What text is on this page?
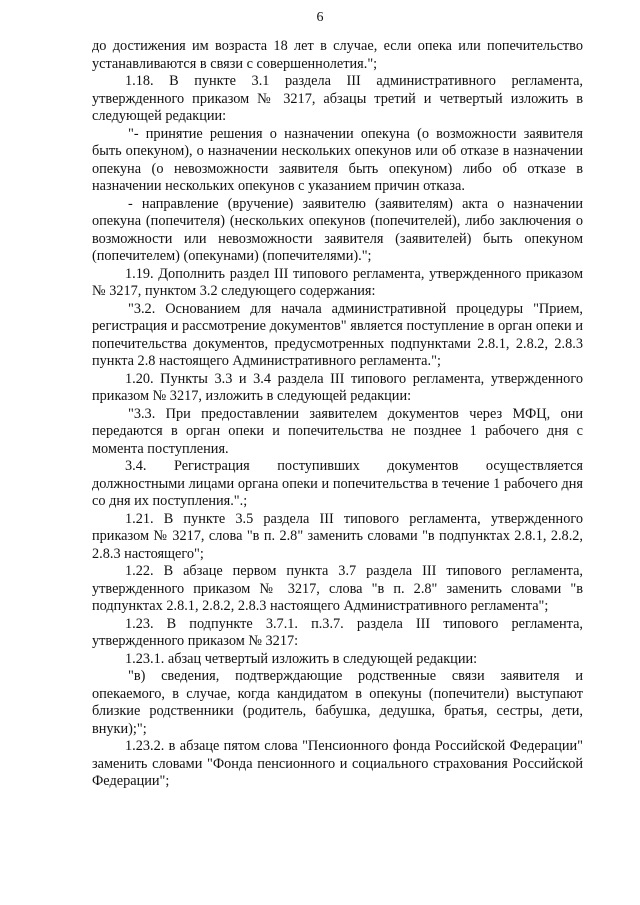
6

до достижения им возраста 18 лет в случае, если опека или попечительство устанавливаются в связи с совершеннолетия.";

1.18. В пункте 3.1 раздела III административного регламента, утвержденного приказом № 3217, абзацы третий и четвертый изложить в следующей редакции:

"- принятие решения о назначении опекуна (о возможности заявителя быть опекуном), о назначении нескольких опекунов или об отказе в назначении опекуна (о невозможности заявителя быть опекуном) либо об отказе в назначении нескольких опекунов с указанием причин отказа.

- направление (вручение) заявителю (заявителям) акта о назначении опекуна (попечителя) (нескольких опекунов (попечителей), либо заключения о возможности или невозможности заявителя (заявителей) быть опекуном (попечителем) (опекунами) (попечителями).";

1.19. Дополнить раздел III типового регламента, утвержденного приказом № 3217, пунктом 3.2 следующего содержания:

"3.2. Основанием для начала административной процедуры "Прием, регистрация и рассмотрение документов" является поступление в орган опеки и попечительства документов, предусмотренных подпунктами 2.8.1, 2.8.2, 2.8.3 пункта 2.8 настоящего Административного регламента.";

1.20. Пункты 3.3 и 3.4 раздела III типового регламента, утвержденного приказом № 3217, изложить в следующей редакции:

"3.3. При предоставлении заявителем документов через МФЦ, они передаются в орган опеки и попечительства не позднее 1 рабочего дня с момента поступления.

3.4. Регистрация поступивших документов осуществляется должностными лицами органа опеки и попечительства в течение 1 рабочего дня со дня их поступления.".;

1.21. В пункте 3.5 раздела III типового регламента, утвержденного приказом № 3217, слова "в п. 2.8" заменить словами "в подпунктах 2.8.1, 2.8.2, 2.8.3 настоящего";

1.22. В абзаце первом пункта 3.7 раздела III типового регламента, утвержденного приказом № 3217, слова "в п. 2.8" заменить словами "в подпунктах 2.8.1, 2.8.2, 2.8.3 настоящего Административного регламента";

1.23. В подпункте 3.7.1. п.3.7. раздела III типового регламента, утвержденного приказом № 3217:

1.23.1. абзац четвертый изложить в следующей редакции:

"в) сведения, подтверждающие родственные связи заявителя и опекаемого, в случае, когда кандидатом в опекуны (попечители) выступают близкие родственники (родитель, бабушка, дедушка, братья, сестры, дети, внуки);";

1.23.2. в абзаце пятом слова "Пенсионного фонда Российской Федерации" заменить словами "Фонда пенсионного и социального страхования Российской Федерации";
